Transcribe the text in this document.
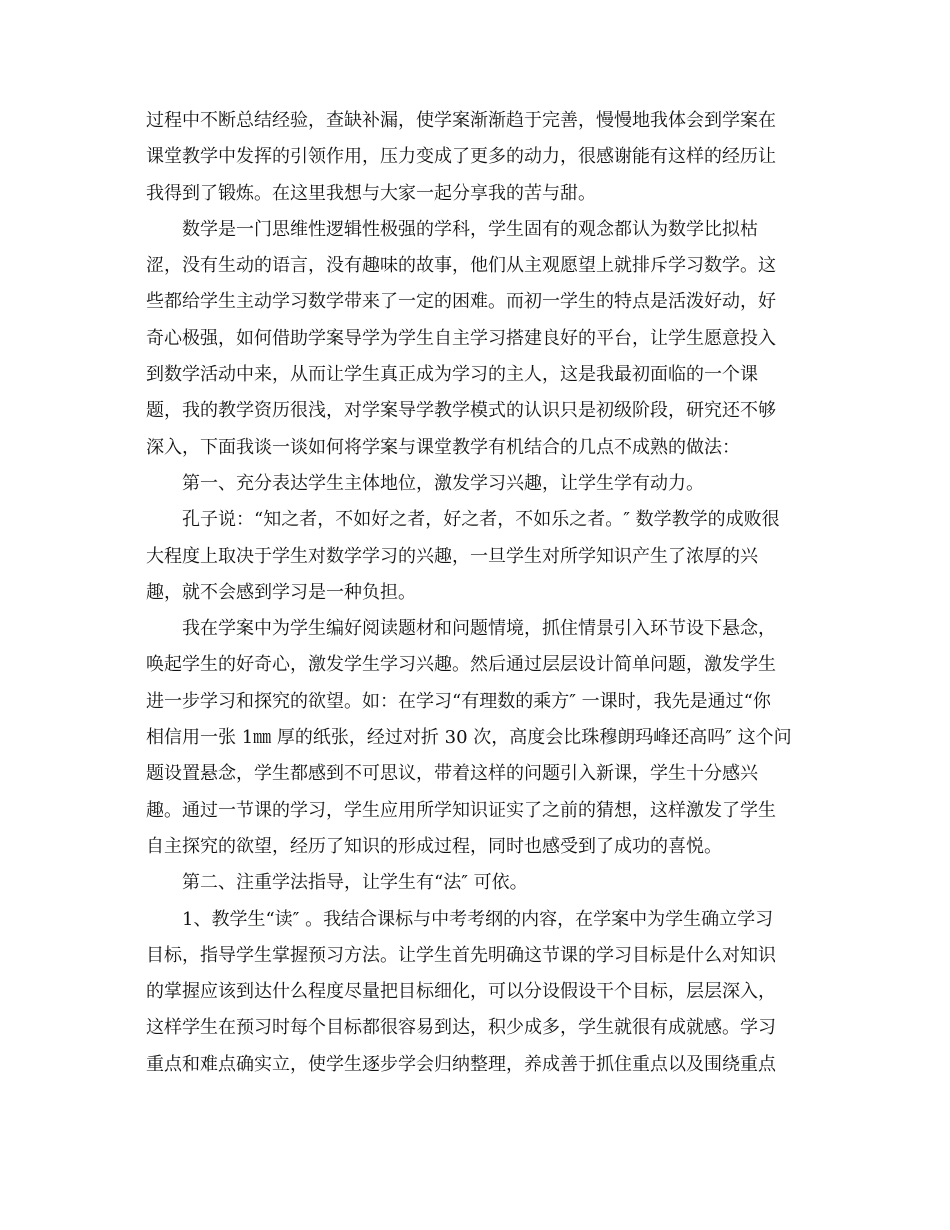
过程中不断总结经验，查缺补漏，使学案渐渐趋于完善，慢慢地我体会到学案在
课堂教学中发挥的引领作用，压力变成了更多的动力，很感谢能有这样的经历让
我得到了锻炼。在这里我想与大家一起分享我的苦与甜。
数学是一门思维性逻辑性极强的学科，学生固有的观念都认为数学比拟枯
涩，没有生动的语言，没有趣味的故事，他们从主观愿望上就排斥学习数学。这
些都给学生主动学习数学带来了一定的困难。而初一学生的特点是活泼好动，好
奇心极强，如何借助学案导学为学生自主学习搭建良好的平台，让学生愿意投入
到数学活动中来，从而让学生真正成为学习的主人，这是我最初面临的一个课
题，我的教学资历很浅，对学案导学教学模式的认识只是初级阶段，研究还不够
深入，下面我谈一谈如何将学案与课堂教学有机结合的几点不成熟的做法：
第一、充分表达学生主体地位，激发学习兴趣，让学生学有动力。
孔子说：“知之者，不如好之者，好之者，不如乐之者。″ 数学教学的成败很
大程度上取决于学生对数学学习的兴趣，一旦学生对所学知识产生了浓厚的兴
趣，就不会感到学习是一种负担。
我在学案中为学生编好阅读题材和问题情境，抓住情景引入环节设下悬念，
唤起学生的好奇心，激发学生学习兴趣。然后通过层层设计简单问题，激发学生
进一步学习和探究的欲望。如：在学习“有理数的乘方″ 一课时，我先是通过“你
相信用一张 1㎜ 厚的纸张，经过对折 30 次，高度会比珠穆朗玛峰还高吗″ 这个问
题设置悬念，学生都感到不可思议，带着这样的问题引入新课，学生十分感兴
趣。通过一节课的学习，学生应用所学知识证实了之前的猜想，这样激发了学生
自主探究的欲望，经历了知识的形成过程，同时也感受到了成功的喜悦。
第二、注重学法指导，让学生有“法″ 可依。
1、教学生“读″ 。我结合课标与中考考纲的内容，在学案中为学生确立学习
目标，指导学生掌握预习方法。让学生首先明确这节课的学习目标是什么对知识
的掌握应该到达什么程度尽量把目标细化，可以分设假设干个目标，层层深入，
这样学生在预习时每个目标都很容易到达，积少成多，学生就很有成就感。学习
重点和难点确实立，使学生逐步学会归纳整理，养成善于抓住重点以及围绕重点
